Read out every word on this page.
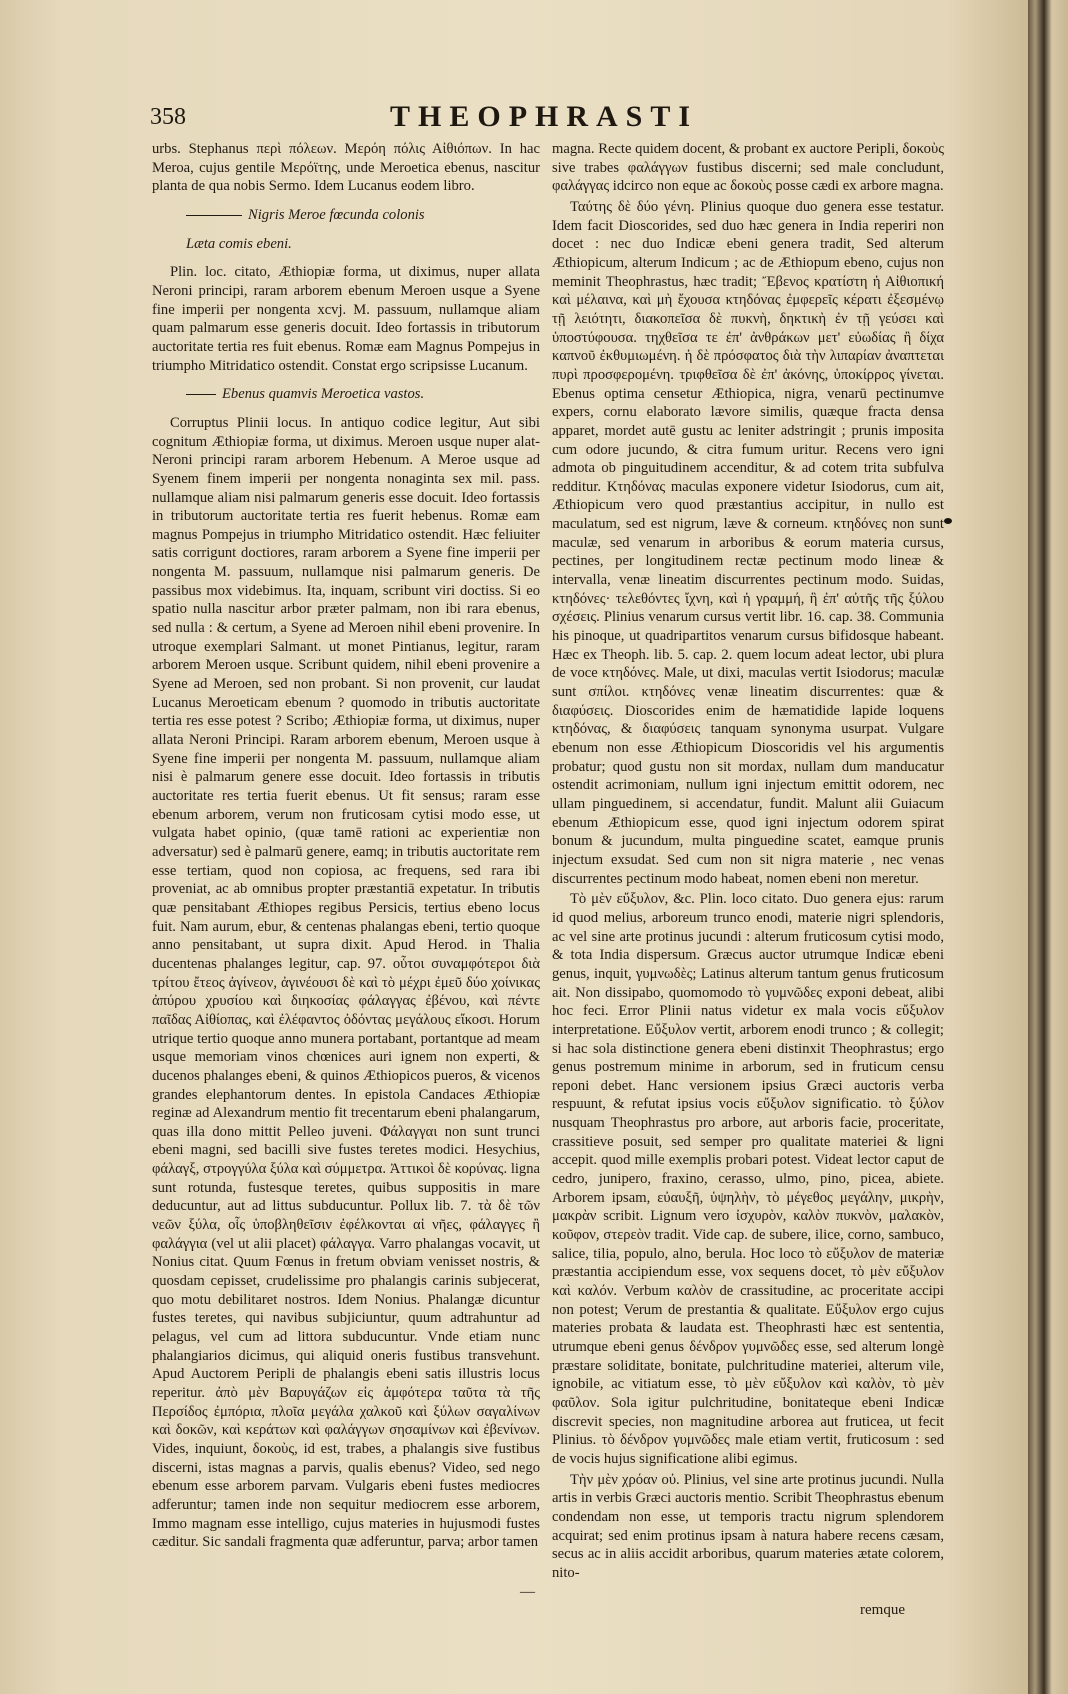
358	THEOPHRASTI

urbs. Stephanus περὶ πόλεων. Μερόη πόλις Αἰθιόπων. In hac Meroa, cujus gentile Μερόϊτης, unde Meroetica ebenus, nascitur planta de qua nobis Sermo. Idem Lucanus eodem libro.

Nigris Meroe fœcunda colonis

Læta comis ebeni.

Plin. loc. citato, Æthiopiæ forma, ut diximus, nuper allata Neroni principi, raram arborem ebenum Meroen usque a Syene fine imperii per nongenta xcvj. M. passuum, nullamque aliam quam palmarum esse generis docuit. Ideo fortassis in tributorum auctoritate tertia res fuit ebenus. Romæ eam Magnus Pompejus in triumpho Mitridatico ostendit. Constat ergo scripsisse Lucanum.

Ebenus quamvis Meroetica vastos.

Corruptus Plinii locus. In antiquo codice legitur, Aut sibi cognitum Æthiopiæ forma, ut diximus. Meroen usque nuper alat-Neroni principi raram arborem Hebenum. A Meroe usque ad Syenem finem imperii per nongenta nonaginta sex mil. pass. nullamque aliam nisi palmarum generis esse docuit. Ideo fortassis in tributorum auctoritate tertia res fuerit hebenus. Romæ eam magnus Pompejus in triumpho Mitridatico ostendit. Hæc feliuiter satis corrigunt doctiores, raram arborem a Syene fine imperii per nongenta M. passuum, nullamque nisi palmarum generis. De passibus mox videbimus. Ita, inquam, scribunt viri doctiss. Si eo spatio nulla nascitur arbor præter palmam, non ibi rara ebenus, sed nulla : & certum, a Syene ad Meroen nihil ebeni provenire. In utroque exemplari Salmant. ut monet Pintianus, legitur, raram arborem Meroen usque. Scribunt quidem, nihil ebeni provenire a Syene ad Meroen, sed non probant. Si non provenit, cur laudat Lucanus Meroeticam ebenum ? quomodo in tributis auctoritate tertia res esse potest ? Scribo; Æthiopiæ forma, ut diximus, nuper allata Neroni Principi. Raram arborem ebenum, Meroen usque à Syene fine imperii per nongenta M. passuum, nullamque aliam nisi è palmarum genere esse docuit. Ideo fortassis in tributis auctoritate res tertia fuerit ebenus. Ut fit sensus; raram esse ebenum arborem, verum non fruticosam cytisi modo esse, ut vulgata habet opinio, (quæ tamē rationi ac experientiæ non adversatur) sed è palmarū genere, eamq; in tributis auctoritate rem esse tertiam, quod non copiosa, ac frequens, sed rara ibi proveniat, ac ab omnibus propter præstantiā expetatur. In tributis quæ pensitabant Æthiopes regibus Persicis, tertius ebeno locus fuit. Nam aurum, ebur, & centenas phalangas ebeni, tertio quoque anno pensitabant, ut supra dixit. Apud Herod. in Thalia ducentenas phalanges legitur, cap. 97. οὗτοι συναμφότεροι διὰ τρίτου ἔτεος ἀγίνεον, ἀγινέουσι δὲ καὶ τὸ μέχρι ἐμεῦ δύο χοίνικας ἀπύρου χρυσίου καὶ διηκοσίας φάλαγγας ἐβένου, καὶ πέντε παῖδας Αἰθίοπας, καὶ ἐλέφαντος ὀδόντας μεγάλους εἴκοσι. Horum utrique tertio quoque anno munera portabant, portantque ad meam usque memoriam vinos chœnices auri ignem non experti, & ducenos phalanges ebeni, & quinos Æthiopicos pueros, & vicenos grandes elephantorum dentes. In epistola Candaces Æthiopiæ reginæ ad Alexandrum mentio fit trecentarum ebeni phalangarum, quas illa dono mittit Pelleo juveni. Φάλαγγαι non sunt trunci ebeni magni, sed bacilli sive fustes teretes modici. Hesychius, φάλαγξ, στρογγύλα ξύλα καὶ σύμμετρα. Ἀττικοὶ δὲ κορύνας. ligna sunt rotunda, fustesque teretes, quibus suppositis in mare deducuntur, aut ad littus subducuntur. Pollux lib. 7. τὰ δὲ τῶν νεῶν ξύλα, οἷς ὑποβληθεῖσιν ἐφέλκονται αἱ νῆες, φάλαγγες ἢ φαλάγγια (vel ut alii placet) φάλαγγα. Varro phalangas vocavit, ut Nonius citat. Quum Fœnus in fretum obviam venisset nostris, & quosdam cepisset, crudelissime pro phalangis carinis subjecerat, quo motu debilitaret nostros. Idem Nonius. Phalangæ dicuntur fustes teretes, qui navibus subjiciuntur, quum adtrahuntur ad pelagus, vel cum ad littora subducuntur. Vnde etiam nunc phalangiarios dicimus, qui aliquid oneris fustibus transvehunt. Apud Auctorem Peripli de phalangis ebeni satis illustris locus reperitur. ἀπὸ μὲν Βαρυγάζων εἰς ἀμφότερα ταῦτα τὰ τῆς Περσίδος ἐμπόρια, πλοῖα μεγάλα χαλκοῦ καὶ ξύλων σαγαλίνων καὶ δοκῶν, καὶ κεράτων καὶ φαλάγγων σησαμίνων καὶ ἐβενίνων. Vides, inquiunt, δοκοὺς, id est, trabes, a phalangis sive fustibus discerni, istas magnas a parvis, qualis ebenus? Video, sed nego ebenum esse arborem parvam. Vulgaris ebeni fustes mediocres adferuntur; tamen inde non sequitur mediocrem esse arborem, Immo magnam esse intelligo, cujus materies in hujusmodi fustes cæditur. Sic sandali fragmenta quæ adferuntur, parva; arbor tamen

magna. Recte quidem docent, & probant ex auctore Peripli, δοκοὺς sive trabes φαλάγγων fustibus discerni; sed male concludunt, φαλάγγας idcirco non eque ac δοκοὺς posse cædi ex arbore magna.

Ταύτης δὲ δύο γένη. Plinius quoque duo genera esse testatur. Idem facit Dioscorides, sed duo hæc genera in India reperiri non docet : nec duo Indicæ ebeni genera tradit, Sed alterum Æthiopicum, alterum Indicum ; ac de Æthiopum ebeno, cujus non meminit Theophrastus, hæc tradit; Ἔβενος κρατίστη ἡ Αἰθιοπική καὶ μέλαινα, καὶ μὴ ἔχουσα κτηδόνας ἐμφερεῖς κέρατι ἐξεσμένῳ τῇ λειότητι, διακοπεῖσα δὲ πυκνὴ, δηκτικὴ ἐν τῇ γεύσει καὶ ὑποστύφουσα. τηχθεῖσα τε ἐπ' ἀνθράκων μετ' εὐωδίας ἢ δίχα καπνοῦ ἐκθυμιωμένη. ἡ δὲ πρόσφατος διὰ τὴν λιπαρίαν ἀναπτεται πυρὶ προσφερομένη. τριφθεῖσα δὲ ἐπ' ἀκόνης, ὑποκίρρος γίνεται. Ebenus optima censetur Æthiopica, nigra, venarū pectinumve expers, cornu elaborato lævore similis, quæque fracta densa apparet, mordet autē gustu ac leniter adstringit ; prunis imposita cum odore jucundo, & citra fumum uritur. Recens vero igni admota ob pinguitudinem accenditur, & ad cotem trita subfulva redditur. Κτηδόνας maculas exponere videtur Isiodorus, cum ait, Æthiopicum vero quod præstantius accipitur, in nullo est maculatum, sed est nigrum, læve & corneum. κτηδόνες non sunt maculæ, sed venarum in arboribus & eorum materia cursus, pectines, per longitudinem rectæ pectinum modo lineæ & intervalla, venæ lineatim discurrentes pectinum modo. Suidas, κτηδόνες· τελεθόντες ἴχνη, καὶ ἡ γραμμή, ἣ ἐπ' αὐτῆς τῆς ξύλου σχέσεις. Plinius venarum cursus vertit libr. 16. cap. 38. Communia his pinoque, ut quadripartitos venarum cursus bifidosque habeant. Hæc ex Theoph. lib. 5. cap. 2. quem locum adeat lector, ubi plura de voce κτηδόνες. Male, ut dixi, maculas vertit Isiodorus; maculæ sunt σπίλοι. κτηδόνες venæ lineatim discurrentes: quæ & διαφύσεις. Dioscorides enim de hæmatidide lapide loquens κτηδόνας, & διαφύσεις tanquam synonyma usurpat. Vulgare ebenum non esse Æthiopicum Dioscoridis vel his argumentis probatur; quod gustu non sit mordax, nullam dum manducatur ostendit acrimoniam, nullum igni injectum emittit odorem, nec ullam pinguedinem, si accendatur, fundit. Malunt alii Guiacum ebenum Æthiopicum esse, quod igni injectum odorem spirat bonum & jucundum, multa pinguedine scatet, eamque prunis injectum exsudat. Sed cum non sit nigra materie , nec venas discurrentes pectinum modo habeat, nomen ebeni non meretur.

Τὸ μὲν εὔξυλον, &c. Plin. loco citato. Duo genera ejus: rarum id quod melius, arboreum trunco enodi, materie nigri splendoris, ac vel sine arte protinus jucundi : alterum fruticosum cytisi modo, & tota India dispersum. Græcus auctor utrumque Indicæ ebeni genus, inquit, γυμνωδὲς; Latinus alterum tantum genus fruticosum ait. Non dissipabo, quomomodo τὸ γυμνῶδες exponi debeat, alibi hoc feci. Error Plinii natus videtur ex mala vocis εὔξυλον interpretatione. Εὔξυλον vertit, arborem enodi trunco ; & collegit; si hac sola distinctione genera ebeni distinxit Theophrastus; ergo genus postremum minime in arborum, sed in fruticum censu reponi debet. Hanc versionem ipsius Græci auctoris verba respuunt, & refutat ipsius vocis εὔξυλον significatio. τὸ ξύλον nusquam Theophrastus pro arbore, aut arboris facie, proceritate, crassitieve posuit, sed semper pro qualitate materiei & ligni accepit. quod mille exemplis probari potest. Videat lector caput de cedro, junipero, fraxino, cerasso, ulmo, pino, picea, abiete. Arborem ipsam, εὐαυξῆ, ὑψηλὴν, τὸ μέγεθος μεγάλην, μικρὴν, μακρὰν scribit. Lignum vero ἰσχυρὸν, καλὸν πυκνὸν, μαλακὸν, κοῦφον, στερεὸν tradit. Vide cap. de subere, ilice, corno, sambuco, salice, tilia, populo, alno, berula. Hoc loco τὸ εὔξυλον de materiæ præstantia accipiendum esse, vox sequens docet, τὸ μὲν εὔξυλον καὶ καλόν. Verbum καλὸν de crassitudine, ac proceritate accipi non potest; Verum de prestantia & qualitate. Εὔξυλον ergo cujus materies probata & laudata est. Theophrasti hæc est sententia, utrumque ebeni genus δένδρον γυμνῶδες esse, sed alterum longè præstare soliditate, bonitate, pulchritudine materiei, alterum vile, ignobile, ac vitiatum esse, τὸ μὲν εὔξυλον καὶ καλὸν, τὸ μὲν φαῦλον. Sola igitur pulchritudine, bonitateque ebeni Indicæ discrevit species, non magnitudine arborea aut fruticea, ut fecit Plinius. τὸ δένδρον γυμνῶδες male etiam vertit, fruticosum : sed de vocis hujus significatione alibi egimus.

Τὴν μὲν χρόαν οὐ. Plinius, vel sine arte protinus jucundi. Nulla artis in verbis Græci auctoris mentio. Scribit Theophrastus ebenum condendam non esse, ut temporis tractu nigrum splendorem acquirat; sed enim protinus ipsam à natura habere recens cæsam, secus ac in aliis accidit arboribus, quarum materies ætate colorem, nito-

—
remque
